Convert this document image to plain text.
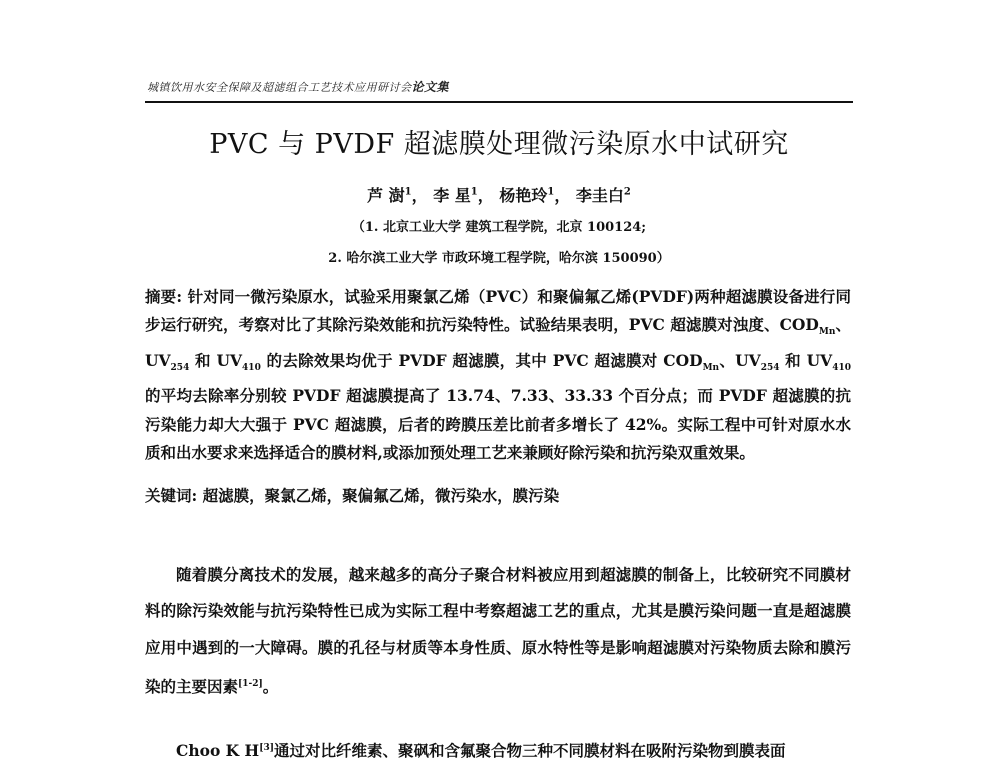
城镇饮用水安全保障及超滤组合工艺技术应用研讨会论文集
PVC 与 PVDF 超滤膜处理微污染原水中试研究
芦 澍$^1$， 李 星$^1$， 杨艳玲$^1$， 李圭白$^2$
（1. 北京工业大学 建筑工程学院，北京 100124;
2. 哈尔滨工业大学 市政环境工程学院，哈尔滨 150090）
摘要: 针对同一微污染原水，试验采用聚氯乙烯（PVC）和聚偏氟乙烯(PVDF)两种超滤膜设备进行同步运行研究，考察对比了其除污染效能和抗污染特性。试验结果表明，PVC 超滤膜对浊度、$COD_{Mn}$、$UV_{254}$ 和 $UV_{410}$ 的去除效果均优于 PVDF 超滤膜，其中 PVC 超滤膜对 $COD_{Mn}$、$UV_{254}$ 和 $UV_{410}$ 的平均去除率分别较 PVDF 超滤膜提高了 13.74、7.33、33.33 个百分点；而 PVDF 超滤膜的抗污染能力却大大强于 PVC 超滤膜，后者的跨膜压差比前者多增长了 42%。实际工程中可针对原水水质和出水要求来选择适合的膜材料,或添加预处理工艺来兼顾好除污染和抗污染双重效果。
关键词: 超滤膜，聚氯乙烯，聚偏氟乙烯，微污染水，膜污染
随着膜分离技术的发展，越来越多的高分子聚合材料被应用到超滤膜的制备上，比较研究不同膜材料的除污染效能与抗污染特性已成为实际工程中考察超滤工艺的重点，尤其是膜污染问题一直是超滤膜应用中遇到的一大障碍。膜的孔径与材质等本身性质、原水特性等是影响超滤膜对污染物质去除和膜污染的主要因素[1-2]。
Choo K H[3]通过对比纤维素、聚砜和含氟聚合物三种不同膜材料在吸附污染物到膜表面
